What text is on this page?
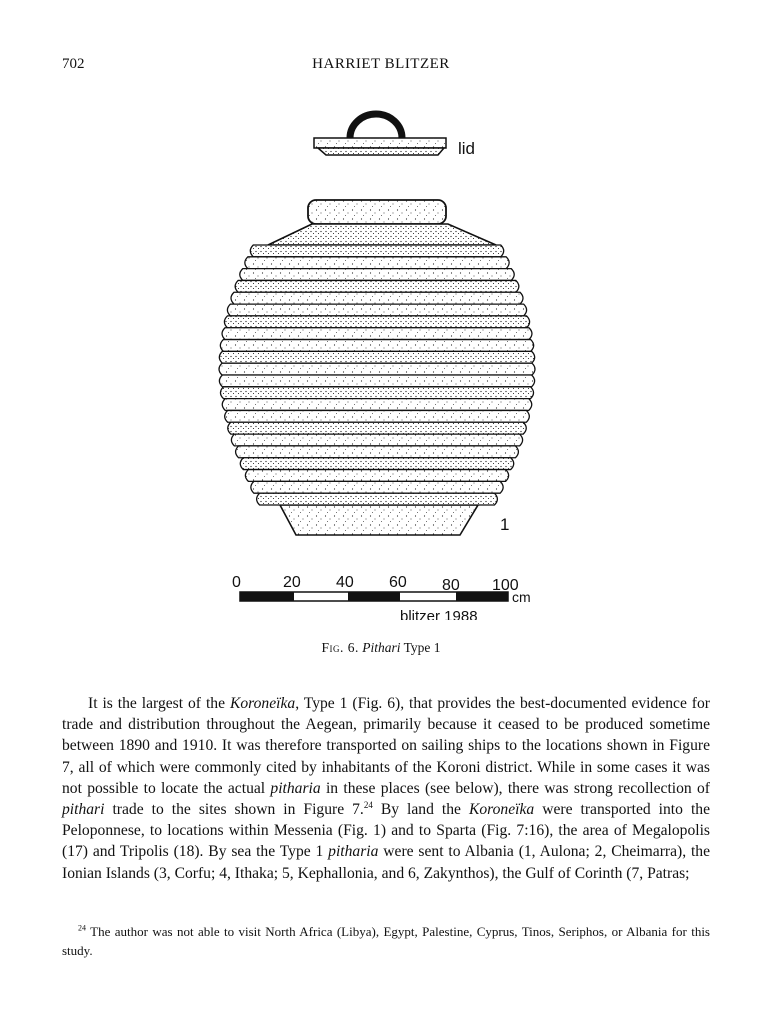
702	HARRIET BLITZER
lid
1
0	20 40 60 80 100
cm
blitzer 1988
Fig. 6. Pithari Type 1

It is the largest of the Koroneïka, Type 1 (Fig. 6), that provides the best-documented evidence for trade and distribution throughout the Aegean, primarily because it ceased to be produced sometime between 1890 and 1910. It was therefore transported on sailing ships to the locations shown in Figure 7, all of which were commonly cited by inhabitants of the Koroni district. While in some cases it was not possible to locate the actual pitharia in these places (see below), there was strong recollection of pithari trade to the sites shown in Figure 7.24 By land the Koroneïka were transported into the Peloponnese, to locations within Messenia (Fig. 1) and to Sparta (Fig. 7:16), the area of Megalopolis (17) and Tripolis (18). By sea the Type 1 pitharia were sent to Albania (1, Aulona; 2, Cheimarra), the Ionian Islands (3, Corfu; 4, Ithaka; 5, Kephallonia, and 6, Zakynthos), the Gulf of Corinth (7, Patras;

$^{24}$ The author was not able to visit North Africa (Libya), Egypt, Palestine, Cyprus, Tinos, Seriphos, or Albania for this study.
